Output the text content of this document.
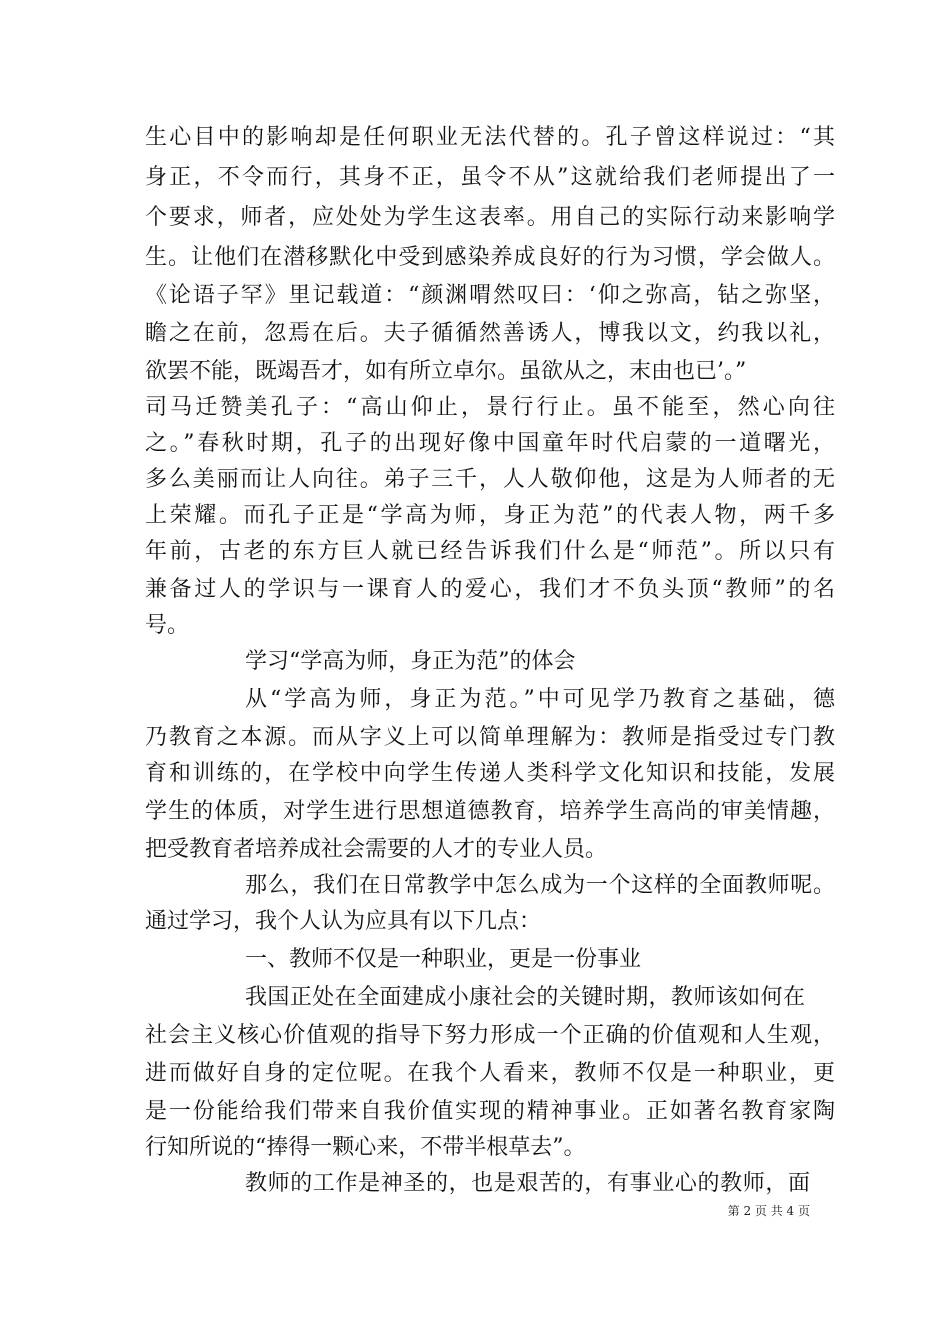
生心目中的影响却是任何职业无法代替的。孔子曾这样说过：“其
身正，不令而行，其身不正，虽令不从”这就给我们老师提出了一
个要求，师者，应处处为学生这表率。用自己的实际行动来影响学
生。让他们在潜移默化中受到感染养成良好的行为习惯，学会做人。
《论语子罕》里记载道：“颜渊喟然叹曰：‘仰之弥高，钻之弥坚，
瞻之在前，忽焉在后。夫子循循然善诱人，博我以文，约我以礼，
欲罢不能，既竭吾才，如有所立卓尔。虽欲从之，末由也已’。”
司马迁赞美孔子：“高山仰止，景行行止。虽不能至，然心向往
之。”春秋时期，孔子的出现好像中国童年时代启蒙的一道曙光，
多么美丽而让人向往。弟子三千，人人敬仰他，这是为人师者的无
上荣耀。而孔子正是“学高为师，身正为范”的代表人物，两千多
年前，古老的东方巨人就已经告诉我们什么是“师范”。所以只有
兼备过人的学识与一课育人的爱心，我们才不负头顶“教师”的名
号。
学习“学高为师，身正为范”的体会
从“学高为师，身正为范。”中可见学乃教育之基础，德
乃教育之本源。而从字义上可以简单理解为：教师是指受过专门教
育和训练的，在学校中向学生传递人类科学文化知识和技能，发展
学生的体质，对学生进行思想道德教育，培养学生高尚的审美情趣，
把受教育者培养成社会需要的人才的专业人员。
那么，我们在日常教学中怎么成为一个这样的全面教师呢。
通过学习，我个人认为应具有以下几点：
一、教师不仅是一种职业，更是一份事业
我国正处在全面建成小康社会的关键时期，教师该如何在
社会主义核心价值观的指导下努力形成一个正确的价值观和人生观，
进而做好自身的定位呢。在我个人看来，教师不仅是一种职业，更
是一份能给我们带来自我价值实现的精神事业。正如著名教育家陶
行知所说的“捧得一颗心来，不带半根草去”。
教师的工作是神圣的，也是艰苦的，有事业心的教师，面
第 2 页 共 4 页
